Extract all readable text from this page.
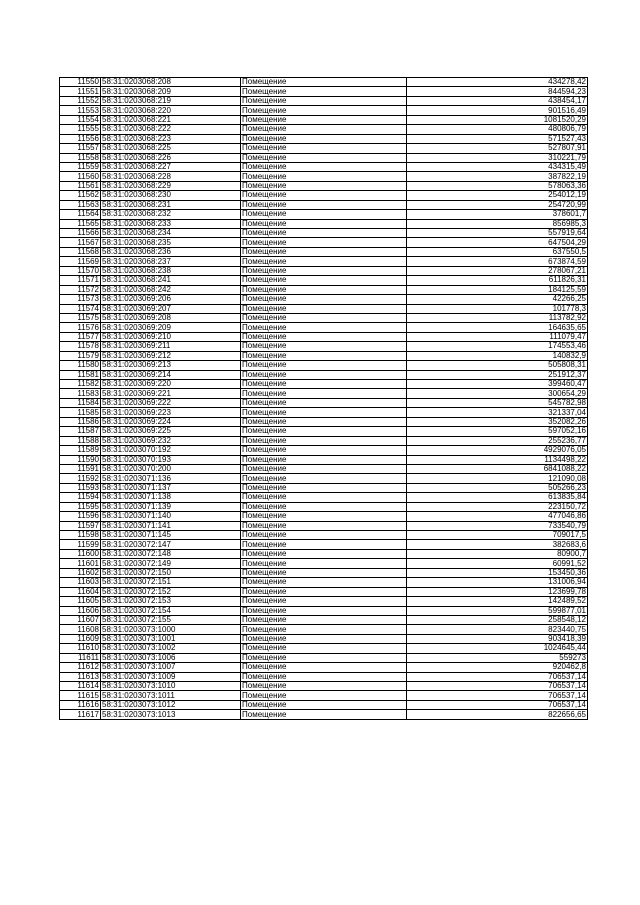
11550	58:31:0203068:208	Помещение	434278,42
11551	58:31:0203068:209	Помещение	844594,23
11552	58:31:0203068:219	Помещение	438454,17
11553	58:31:0203068:220	Помещение	901516,49
11554	58:31:0203068:221	Помещение	1081520,29
11555	58:31:0203068:222	Помещение	480806,79
11556	58:31:0203068:223	Помещение	571527,43
11557	58:31:0203068:225	Помещение	527807,91
11558	58:31:0203068:226	Помещение	310221,79
11559	58:31:0203068:227	Помещение	434315,49
11560	58:31:0203068:228	Помещение	387822,19
11561	58:31:0203068:229	Помещение	578063,36
11562	58:31:0203068:230	Помещение	254012,19
11563	58:31:0203068:231	Помещение	254720,99
11564	58:31:0203068:232	Помещение	378601,7
11565	58:31:0203068:233	Помещение	856985,3
11566	58:31:0203068:234	Помещение	557919,64
11567	58:31:0203068:235	Помещение	647504,29
11568	58:31:0203068:236	Помещение	637550,5
11569	58:31:0203068:237	Помещение	673874,59
11570	58:31:0203068:238	Помещение	278067,21
11571	58:31:0203068:241	Помещение	611826,31
11572	58:31:0203068:242	Помещение	184125,59
11573	58:31:0203069:206	Помещение	42266,25
11574	58:31:0203069:207	Помещение	101778,3
11575	58:31:0203069:208	Помещение	113782,92
11576	58:31:0203069:209	Помещение	164635,65
11577	58:31:0203069:210	Помещение	111079,47
11578	58:31:0203069:211	Помещение	174553,46
11579	58:31:0203069:212	Помещение	140832,9
11580	58:31:0203069:213	Помещение	505808,31
11581	58:31:0203069:214	Помещение	251912,37
11582	58:31:0203069:220	Помещение	399460,47
11583	58:31:0203069:221	Помещение	300654,29
11584	58:31:0203069:222	Помещение	545782,98
11585	58:31:0203069:223	Помещение	321337,04
11586	58:31:0203069:224	Помещение	352082,26
11587	58:31:0203069:225	Помещение	597052,16
11588	58:31:0203069:232	Помещение	255236,77
11589	58:31:0203070:192	Помещение	4929076,05
11590	58:31:0203070:193	Помещение	1134498,22
11591	58:31:0203070:200	Помещение	6841088,22
11592	58:31:0203071:136	Помещение	121090,08
11593	58:31:0203071:137	Помещение	505266,23
11594	58:31:0203071:138	Помещение	613835,84
11595	58:31:0203071:139	Помещение	223150,72
11596	58:31:0203071:140	Помещение	477046,86
11597	58:31:0203071:141	Помещение	733540,79
11598	58:31:0203071:145	Помещение	709017,5
11599	58:31:0203072:147	Помещение	382683,6
11600	58:31:0203072:148	Помещение	80900,7
11601	58:31:0203072:149	Помещение	60991,52
11602	58:31:0203072:150	Помещение	153450,36
11603	58:31:0203072:151	Помещение	131006,94
11604	58:31:0203072:152	Помещение	123699,78
11605	58:31:0203072:153	Помещение	142489,52
11606	58:31:0203072:154	Помещение	599877,01
11607	58:31:0203072:155	Помещение	258548,12
11608	58:31:0203073:1000	Помещение	823440,75
11609	58:31:0203073:1001	Помещение	903418,39
11610	58:31:0203073:1002	Помещение	1024645,44
11611	58:31:0203073:1006	Помещение	559273
11612	58:31:0203073:1007	Помещение	920462,8
11613	58:31:0203073:1009	Помещение	706537,14
11614	58:31:0203073:1010	Помещение	706537,14
11615	58:31:0203073:1011	Помещение	706537,14
11616	58:31:0203073:1012	Помещение	706537,14
11617	58:31:0203073:1013	Помещение	822656,65
